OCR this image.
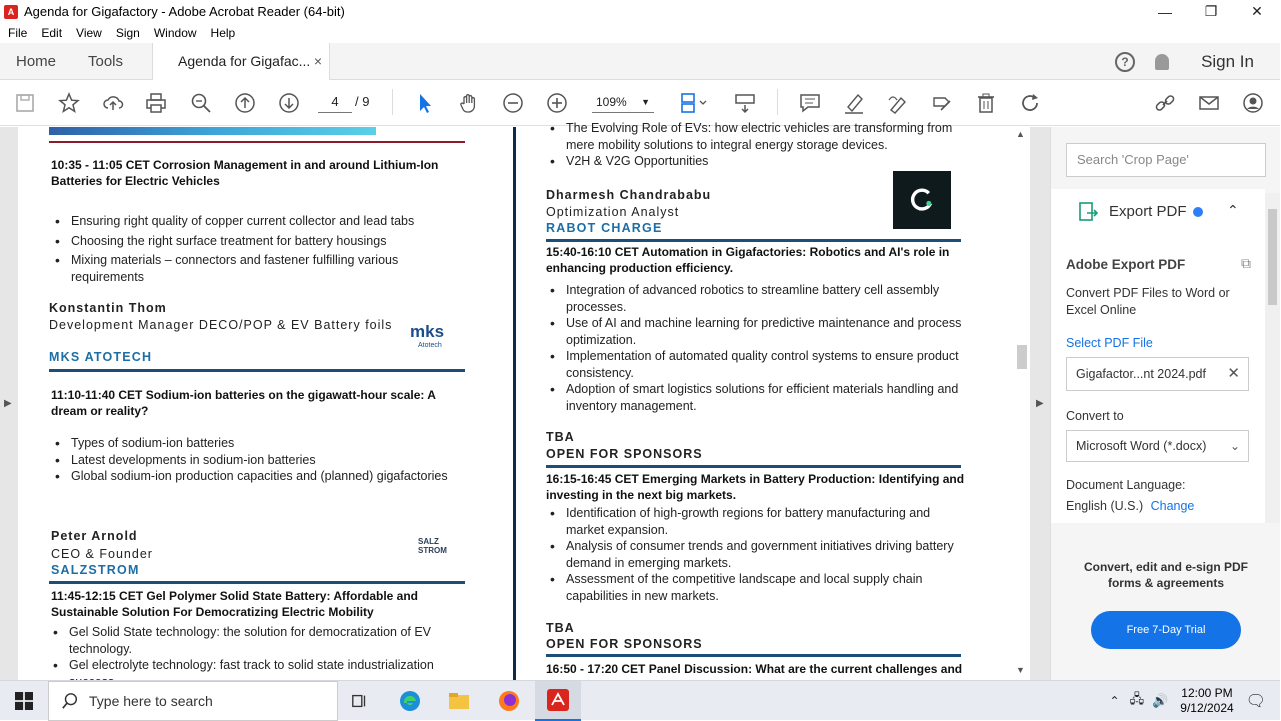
A Agenda for Gigafactory - Adobe Acrobat Reader (64-bit)	—	❐	✕
File Edit View Sign Window Help
Home Tools	Agenda for Gigafac... ×	?	Sign In
4	/ 9	109% ▼
▶
10:35 - 11:05 CET Corrosion Management in and around Lithium-Ion Batteries for Electric Vehicles
• Ensuring right quality of copper current collector and lead tabs
• Choosing the right surface treatment for battery housings
• Mixing materials – connectors and fastener fulfilling various requirements
Konstantin Thom
Development Manager DECO/POP & EV Battery foils
MKS ATOTECH
mks
Atotech
11:10-11:40 CET Sodium-ion batteries on the gigawatt-hour scale: A dream or reality?
• Types of sodium-ion batteries
• Latest developments in sodium-ion batteries
• Global sodium-ion production capacities and (planned) gigafactories
Peter Arnold
CEO & Founder
SALZSTROM
SALZ STROM
11:45-12:15 CET Gel Polymer Solid State Battery: Affordable and Sustainable Solution For Democratizing Electric Mobility
• Gel Solid State technology: the solution for democratization of EV technology.
• Gel electrolyte technology: fast track to solid state industrialization
• The Evolving Role of EVs: how electric vehicles are transforming from mere mobility solutions to integral energy storage devices.
• V2H & V2G Opportunities
Dharmesh Chandrababu
Optimization Analyst
RABOT CHARGE
15:40-16:10 CET Automation in Gigafactories: Robotics and AI's role in enhancing production efficiency.
• Integration of advanced robotics to streamline battery cell assembly processes.
• Use of AI and machine learning for predictive maintenance and process optimization.
• Implementation of automated quality control systems to ensure product consistency.
• Adoption of smart logistics solutions for efficient materials handling and inventory management.
TBA
OPEN FOR SPONSORS
16:15-16:45 CET Emerging Markets in Battery Production: Identifying and investing in the next big markets.
• Identification of high-growth regions for battery manufacturing and market expansion.
• Analysis of consumer trends and government initiatives driving battery demand in emerging markets.
• Assessment of the competitive landscape and local supply chain capabilities in new markets.
TBA
OPEN FOR SPONSORS
16:50 - 17:20 CET Panel Discussion: What are the current challenges and
▲
▼
▶
Search 'Crop Page'
Export PDF	⌃
Adobe Export PDF	⧉
Convert PDF Files to Word or Excel Online
Select PDF File
Gigafactor...nt 2024.pdf ✕
Convert to
Microsoft Word (*.docx) ⌄
Document Language:
English (U.S.) Change
Convert, edit and e-sign PDF forms & agreements
Free 7-Day Trial
Type here to search	⌃ 🖧 🔊 12:00 PM
9/12/2024 🗨
